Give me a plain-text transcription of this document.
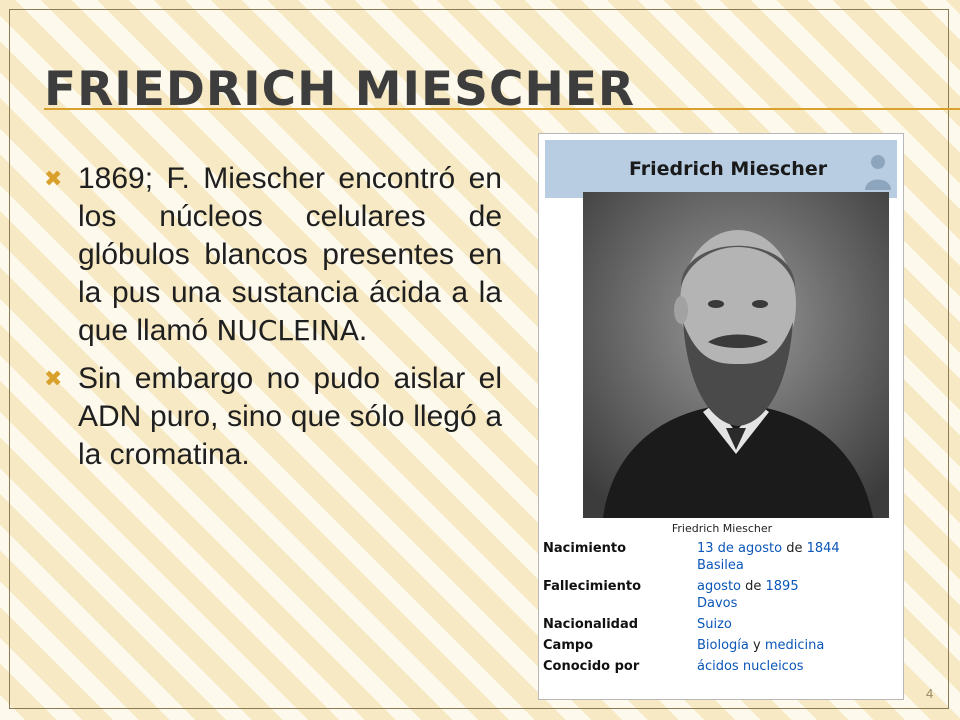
FRIEDRICH MIESCHER
✖ 1869; F. Miescher encontró en los núcleos celulares de glóbulos blancos presentes en la pus una sustancia ácida a la que llamó NUCLEINA.
✖ Sin embargo no pudo aislar el ADN puro, sino que sólo llegó a la cromatina.
Friedrich Miescher
Friedrich Miescher
Nacimiento	13 de agosto de 1844
Basilea
Fallecimiento	agosto de 1895
Davos
Nacionalidad	Suizo
Campo	Biología y medicina
Conocido por	ácidos nucleicos
4
